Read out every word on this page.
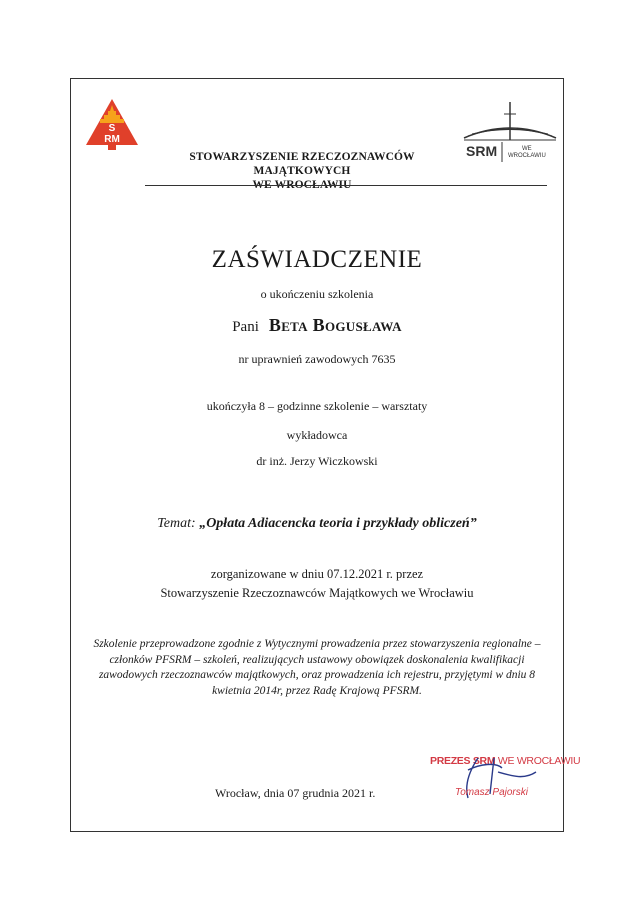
S
RM
STOWARZYSZENIE RZECZOZNAWCÓW MAJĄTKOWYCH
WE WROCŁAWIU
SRM	WE
WROCŁAWIU
ZAŚWIADCZENIE
o ukończeniu szkolenia
Pani Beta Bogusława
nr uprawnień zawodowych 7635
ukończyła 8 – godzinne szkolenie – warsztaty
wykładowca
dr inż. Jerzy Wiczkowski
Temat: „Opłata Adiacencka teoria i przykłady obliczeń”
zorganizowane w dniu 07.12.2021 r. przez
Stowarzyszenie Rzeczoznawców Majątkowych we Wrocławiu
Szkolenie przeprowadzone zgodnie z Wytycznymi prowadzenia przez stowarzyszenia regionalne – członków PFSRM – szkoleń, realizujących ustawowy obowiązek doskonalenia kwalifikacji zawodowych rzeczoznawców majątkowych, oraz prowadzenia ich rejestru, przyjętymi w dniu 8 kwietnia 2014r, przez Radę Krajową PFSRM.
Wrocław, dnia 07 grudnia 2021 r.
PREZES SRM WE WROCŁAWIU
Tomasz Pajorski
